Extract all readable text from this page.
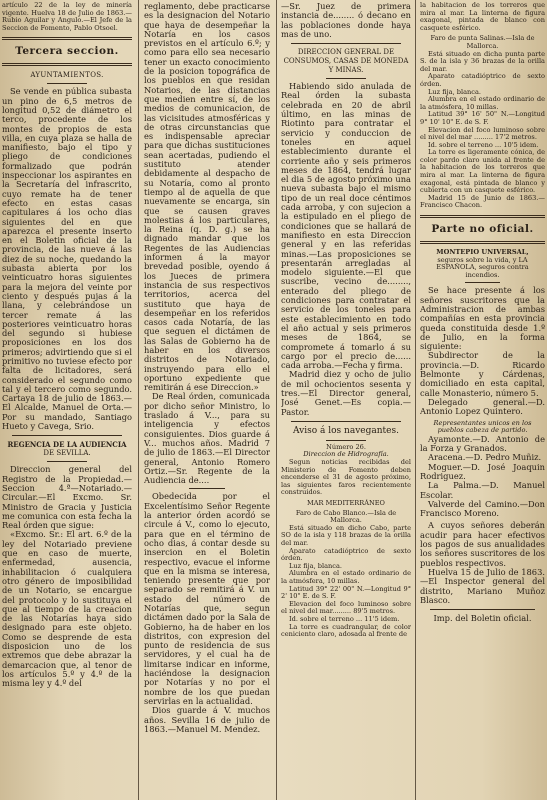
artículo 22 de la ley de minería vigente. Huelva 18 de Julio de 1863.—Rubio Aguilar y Angulo.—El Jefe de la Seccion de Fomento, Pablo Otsoel.

Tercera seccion.

AYUNTAMIENTOS.

Se vende en pública subasta un pino de 6,5 metros de longitud 0,52 de diámetro el terco, procedente de los montes de propios de esta villa, en cuya plaza se halla de manifiesto, bajo el tipo y pliego de condiciones formalizado que podrán inspeccionar los aspirantes en la Secretaría del infrascrito, cuyo remate ha de tener efecto en estas casas capitulares á los ocho dias siguientes del en que aparezca el presente inserto en el Boletin oficial de la provincia, de las nueve á las diez de su noche, quedando la subasta abierta por los veinticuatro horas siguientes para la mejora del veinte por ciento y después pujas á la llana, y celebrándose un tercer remate á las posteriores veinticuatro horas del segundo si hubiese proposiciones en los dos primeros; advirtiendo que si el primitivo no tuviese efecto por falta de licitadores, será considerado el segundo como tal y el tercero como segundo. Cartaya 18 de julio de 1863.—El Alcalde, Manuel de Orta.—Por su mandado, Santiago Hueto y Cavega, Srio.

REGENCIA DE LA AUDIENCIA

DE SEVILLA.

Direccion general del Registro de la Propiedad.—Seccion 4.ª—Notariado.—Circular.—El Excmo. Sr. Ministro de Gracia y Justicia me comunica con esta fecha la Real órden que sigue:

«Excmo. Sr.: El art. 6.º de la ley del Notariado previene que en caso de muerte, enfermedad, ausencia, inhabilitacion ó cualquiera otro género de imposibilidad de un Notario, se encargue del protocolo y lo sustituya el que al tiempo de la creacion de las Notarías haya sido designado para este objeto. Como se desprende de esta disposicion uno de los extremos que debe abrazar la demarcacion que, al tenor de los artículos 5.º y 4.º de la misma ley y 4.º del

reglamento, debe practicarse es la designacion del Notario que haya de desempeñar la Notaría en los casos previstos en el artículo 6.º; y como para ello sea necesario tener un exacto conocimiento de la posicion topográfica de los pueblos en que residan Notarios, de las distancias que medien entre sí, de los medios de comunicacion, de las vicisitudes atmosféricas y de otras circunstancias que es indispensable apreciar para que dichas sustituciones sean acertadas, pudiendo el sustituto atender debidamente al despacho de su Notaría, como al pronto tiempo al de aquella de que nuevamente se encarga, sin que se causen graves molestias á los particulares, la Reina (q. D. g.) se ha dignado mandar que los Regentes de las Audiencias informen á la mayor brevedad posible, oyendo á los Jueces de primera instancia de sus respectivos territorios, acerca del sustituto que haya de desempeñar en los referidos casos cada Notaría, de las que seguen el dictámen de las Salas de Gobierno ha de haber en los diversos distritos de Notariado, instruyendo para ello el oportuno expediente que remitirán á ese Direccion.»

De Real órden, comunicada por dicho señor Ministro, lo traslado á V..., para su inteligencia y efectos consiguientes. Dios guarde á V... muchos años. Madrid 7 de julio de 1863.—El Director general, Antonio Romero Ortiz.—Sr. Regente de la Audiencia de....

Obedecida por el Excelentísimo Señor Regente la anterior órden acordó se circule á V., como lo ejecuto, para que en el término de ocho dias, á contar desde su insercion en el Boletin respectivo, evacue el informe que en la misma se interesa, teniendo presente que por separado se remitirá á V. un estado del número de Notarías que, segun dictámen dado por la Sala de Gobierno, ha de haber en los distritos, con expresion del punto de residencia de sus servidores, y el cual ha de limitarse indicar en informe, haciéndose la designacion por Notarías y no por el nombre de los que puedan servirlas en la actualidad.

Dios guarde á V. muchos años. Sevilla 16 de julio de 1863.—Manuel M. Mendez.

—Sr. Juez de primera instancia de........ ó decano en las poblaciones donde haya mas de uno.

DIRECCION GENERAL DE CONSUMOS, CASAS DE MONEDA Y MINAS.

Habiendo sido anulada de Real órden la subasta celebrada en 20 de abril último, en las minas de Riotinto para contratar el servicio y conduccion de toneles en aquel establecimiento durante el corriente año y seis primeros meses de 1864, tendrá lugar el dia 5 de agosto próximo una nueva subasta bajo el mismo tipo de un real doce céntimos cada arroba, y con sujecion a la estipulado en el pliego de condiciones que se hallará de manifiesto en esta Direccion general y en las referidas minas.—Las proposiciones se presentarán arregladas al modelo siguiente.—El que suscribe, vecino de........, enterado del pliego de condiciones para contratar el servicio de los toneles para este establecimiento en todo el año actual y seis primeros meses de 1864, se compromete á tomarlo á su cargo por el precio de...... cada arroba.—Fecha y firma.

Madrid diez y ocho de julio de mil ochocientos sesenta y tres.—El Director general, José Genet.—Es copia.—Pastor.

Aviso á los navegantes.

Número 26.

Direccion de Hidrografía.

Segun noticias recibidas del Ministerio de Fomento deben encenderse el 31 de agosto próximo, las siguientes faros recientemente construidos.

MAR MEDITERRÁNEO

Faro de Cabo Blanco.—Isla de Mallorca.

Está situado en dicho Cabo, parte SO de la isla y 118 brazas de la orilla del mar.

Aparato catadióptrico de sexto órden.

Luz fija, blanca.

Alumbra en el estado ordinario de la atmósfera, 10 millas.

Latitud 39° 22' 00" N.—Longitud 9° 2' 10" E. de S. F.

Elevacion del foco luminoso sobre el nivel del mar......... 89'5 metros.

Id. sobre el terreno ... 11'5 idem.

La torre es cuadrangular, de color ceniciento claro, adosada al frente de

la habitacion de los torreros que mira al mar. La linterna de figura exagonal, pintada de blanco con casquete esférico.

Faro de punta Salinas.—Isla de Mallorca.

Está situado en dicha punta parte S. de la isla y 36 brazas de la orilla del mar.

Aparato catadióptrico de sexto órden.

Luz fija, blanca.

Alumbra en el estado ordinario de la atmósfera, 10 millas.

Latitud 39° 16' 50" N.—Longitud 9° 10' 10" E. de S. F.

Elevacion del foco luminoso sobre el nivel del mar ......... 17'2 metros.

Id. sobre el terreno ... 10'5 idem.

La torre es ligeramente cónica, de color pardo claro unida al frente de la habitacion de los torreros que mira al mar. La linterna de figura exagonal, está pintada de blanco y cubierta con un casquete esférico.

Madrid 15 de Junio de 1863.—Francisco Chacon.

Parte no oficial.

MONTEPIO UNIVERSAL,

seguros sobre la vida, y LA ESPAÑOLA, seguros contra incendios.

Se hace presente á los señores suscritores que la Administracion de ambas compañías en esta provincia queda constituida desde 1.º de Julio, en la forma siguiente:

Subdirector de la provincia.—D. Ricardo Belmonte y Cárdenas, domiciliado en esta capital, calle Monasterio, número 5.

Delegado general.—D. Antonio Lopez Quintero.

Representantes unicos en los pueblos cabeza de partido.

Ayamonte.—D. Antonio de la Forza y Granados.

Aracena.—D. Pedro Muñiz.

Moguer.—D. José Joaquin Rodriguez.

La Palma.—D. Manuel Escolar.

Valverde del Camino.—Don Francisco Moreno.

A cuyos señores deberán acudir para hacer efectivos los pagos de sus anualidades los señores suscritores de los pueblos respectivos.

Huelva 15 de Julio de 1863.—El Inspector general del distrito, Mariano Muñoz Blasco.

Imp. del Boletin oficial.
